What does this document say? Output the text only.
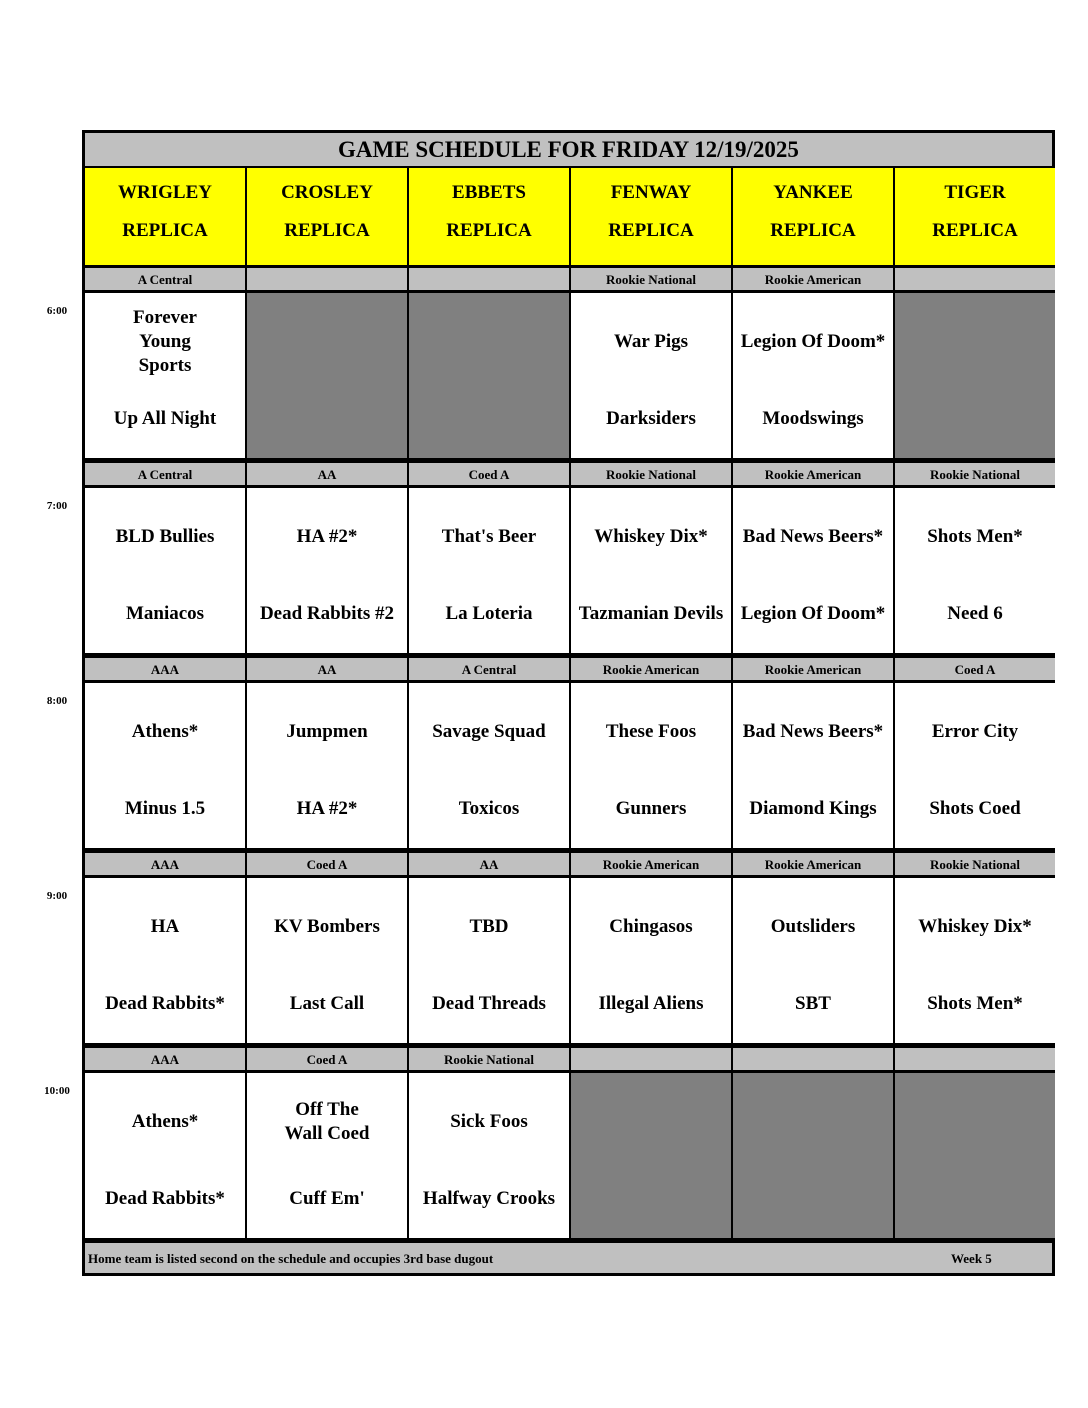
6:00
7:00
8:00
9:00
10:00
GAME SCHEDULE FOR FRIDAY 12/19/2025
WRIGLEY
REPLICA
CROSLEY
REPLICA
EBBETS
REPLICA
FENWAY
REPLICA
YANKEE
REPLICA
TIGER
REPLICA
A Central
Forever Young Sports
Up All Night
Rookie National
War Pigs
Darksiders
Rookie American
Legion Of Doom*
Moodswings
A Central
BLD Bullies
Maniacos
AA
HA #2*
Dead Rabbits #2
Coed A
That's Beer
La Loteria
Rookie National
Whiskey Dix*
Tazmanian Devils
Rookie American
Bad News Beers*
Legion Of Doom*
Rookie National
Shots Men*
Need 6
AAA
Athens*
Minus 1.5
AA
Jumpmen
HA #2*
A Central
Savage Squad
Toxicos
Rookie American
These Foos
Gunners
Rookie American
Bad News Beers*
Diamond Kings
Coed A
Error City
Shots Coed
AAA
HA
Dead Rabbits*
Coed A
KV Bombers
Last Call
AA
TBD
Dead Threads
Rookie American
Chingasos
Illegal Aliens
Rookie American
Outsliders
SBT
Rookie National
Whiskey Dix*
Shots Men*
AAA
Athens*
Dead Rabbits*
Coed A
Off The Wall Coed
Cuff Em'
Rookie National
Sick Foos
Halfway Crooks
Home team is listed second on the schedule and occupies 3rd base dugout	Week 5
